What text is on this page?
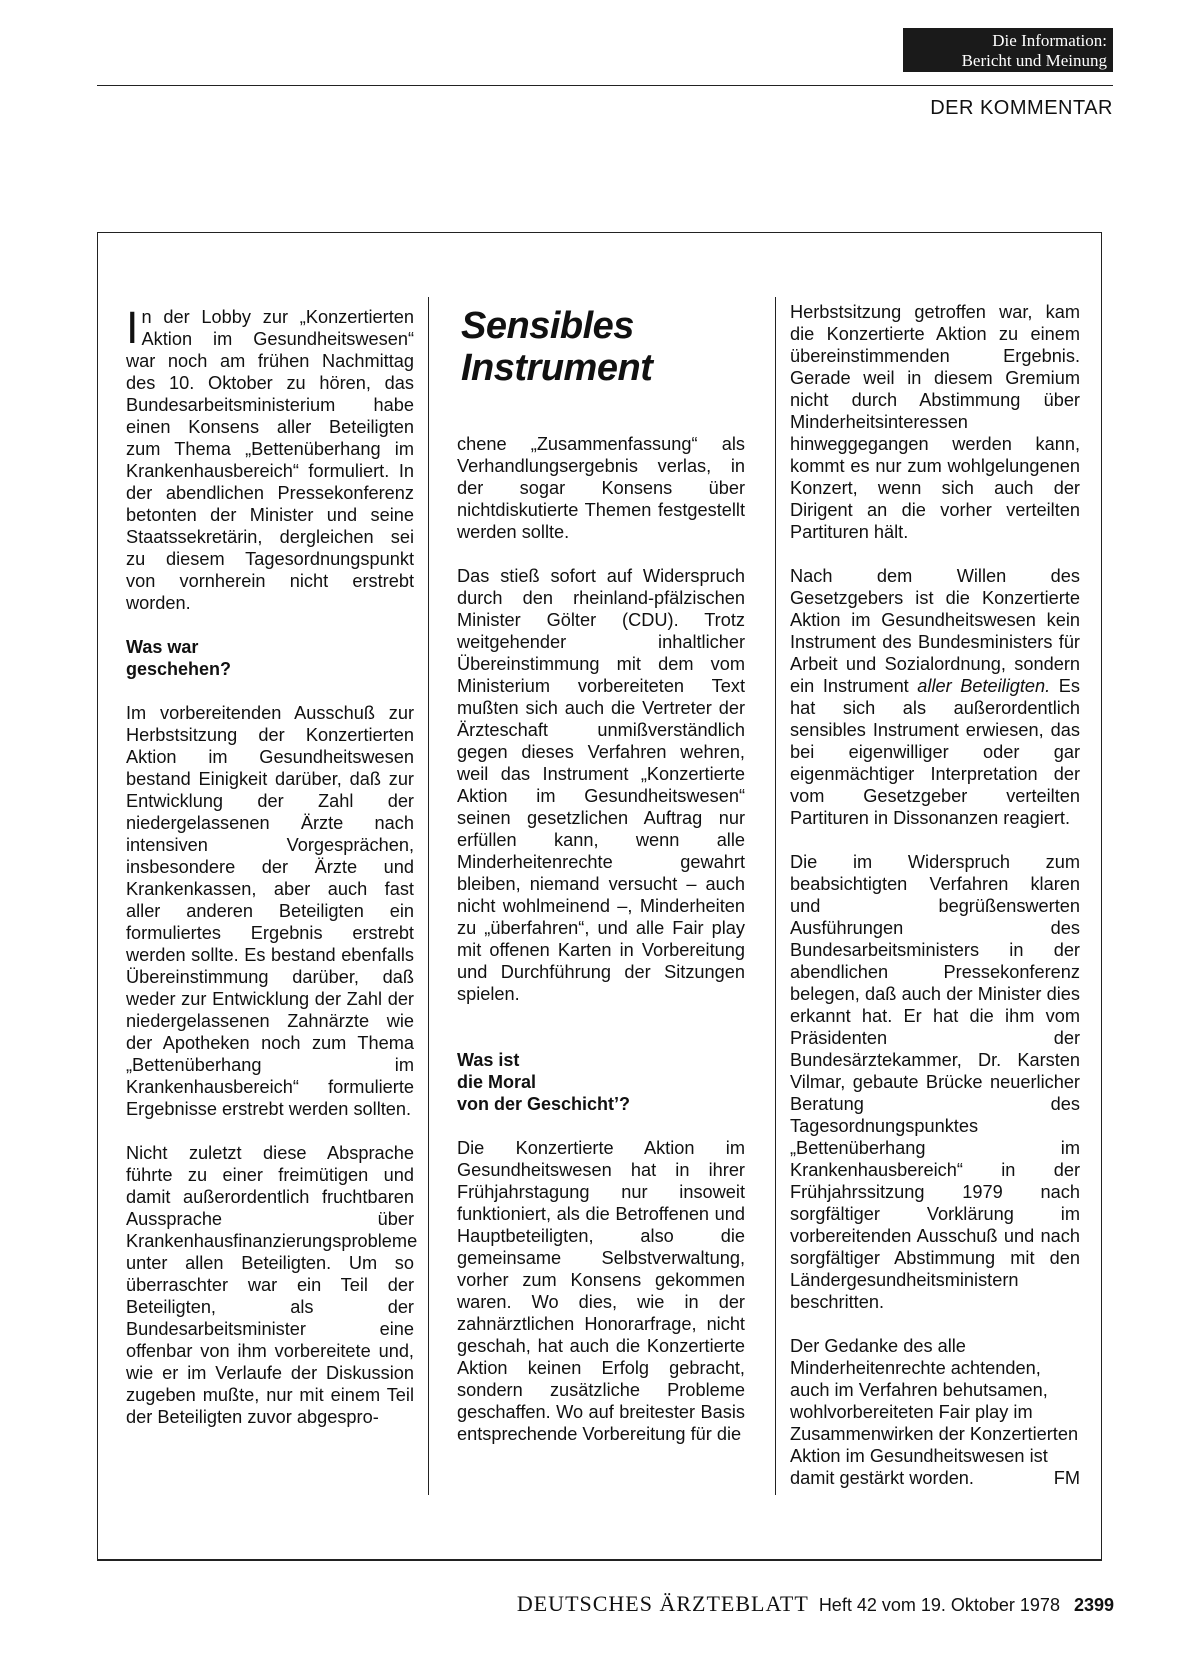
Die Information:
Bericht und Meinung
DER KOMMENTAR

In der Lobby zur „Konzertierten Aktion im Gesundheitswesen“ war noch am frühen Nachmittag des 10. Oktober zu hören, das Bundesarbeitsministerium habe einen Konsens aller Beteiligten zum Thema „Bettenüberhang im Krankenhausbereich“ formuliert. In der abendlichen Pressekonferenz betonten der Minister und seine Staatssekretärin, dergleichen sei zu diesem Tagesordnungspunkt von vornherein nicht erstrebt worden.

Was war
geschehen?

Im vorbereitenden Ausschuß zur Herbstsitzung der Konzertierten Aktion im Gesundheitswesen bestand Einigkeit darüber, daß zur Entwicklung der Zahl der niedergelassenen Ärzte nach intensiven Vorgesprächen, insbesondere der Ärzte und Krankenkassen, aber auch fast aller anderen Beteiligten ein formuliertes Ergebnis erstrebt werden sollte. Es bestand ebenfalls Übereinstimmung darüber, daß weder zur Entwicklung der Zahl der niedergelassenen Zahnärzte wie der Apotheken noch zum Thema „Bettenüberhang im Krankenhausbereich“ formulierte Ergebnisse erstrebt werden sollten.

Nicht zuletzt diese Absprache führte zu einer freimütigen und damit außerordentlich fruchtbaren Aussprache über Krankenhausfinanzierungsprobleme unter allen Beteiligten. Um so überraschter war ein Teil der Beteiligten, als der Bundesarbeitsminister eine offenbar von ihm vorbereitete und, wie er im Verlaufe der Diskussion zugeben mußte, nur mit einem Teil der Beteiligten zuvor abgespro-

Sensibles
Instrument

chene „Zusammenfassung“ als Verhandlungsergebnis verlas, in der sogar Konsens über nichtdiskutierte Themen festgestellt werden sollte.

Das stieß sofort auf Widerspruch durch den rheinland-pfälzischen Minister Gölter (CDU). Trotz weitgehender inhaltlicher Übereinstimmung mit dem vom Ministerium vorbereiteten Text mußten sich auch die Vertreter der Ärzteschaft unmißverständlich gegen dieses Verfahren wehren, weil das Instrument „Konzertierte Aktion im Gesundheitswesen“ seinen gesetzlichen Auftrag nur erfüllen kann, wenn alle Minderheitenrechte gewahrt bleiben, niemand versucht – auch nicht wohlmeinend –, Minderheiten zu „überfahren“, und alle Fair play mit offenen Karten in Vorbereitung und Durchführung der Sitzungen spielen.

Was ist
die Moral
von der Geschicht’?

Die Konzertierte Aktion im Gesundheitswesen hat in ihrer Frühjahrstagung nur insoweit funktioniert, als die Betroffenen und Hauptbeteiligten, also die gemeinsame Selbstverwaltung, vorher zum Konsens gekommen waren. Wo dies, wie in der zahnärztlichen Honorarfrage, nicht geschah, hat auch die Konzertierte Aktion keinen Erfolg gebracht, sondern zusätzliche Probleme geschaffen. Wo auf breitester Basis entsprechende Vorbereitung für die

Herbstsitzung getroffen war, kam die Konzertierte Aktion zu einem übereinstimmenden Ergebnis. Gerade weil in diesem Gremium nicht durch Abstimmung über Minderheitsinteressen hinweggegangen werden kann, kommt es nur zum wohlgelungenen Konzert, wenn sich auch der Dirigent an die vorher verteilten Partituren hält.

Nach dem Willen des Gesetzgebers ist die Konzertierte Aktion im Gesundheitswesen kein Instrument des Bundesministers für Arbeit und Sozialordnung, sondern ein Instrument aller Beteiligten. Es hat sich als außerordentlich sensibles Instrument erwiesen, das bei eigenwilliger oder gar eigenmächtiger Interpretation der vom Gesetzgeber verteilten Partituren in Dissonanzen reagiert.

Die im Widerspruch zum beabsichtigten Verfahren klaren und begrüßenswerten Ausführungen des Bundesarbeitsministers in der abendlichen Pressekonferenz belegen, daß auch der Minister dies erkannt hat. Er hat die ihm vom Präsidenten der Bundesärztekammer, Dr. Karsten Vilmar, gebaute Brücke neuerlicher Beratung des Tagesordnungspunktes „Bettenüberhang im Krankenhausbereich“ in der Frühjahrssitzung 1979 nach sorgfältiger Vorklärung im vorbereitenden Ausschuß und nach sorgfältiger Abstimmung mit den Ländergesundheitsministern beschritten.

Der Gedanke des alle Minderheitenrechte achtenden, auch im Verfahren behutsamen, wohlvorbereiteten Fair play im Zusammenwirken der Konzertierten Aktion im Gesundheitswesen ist damit gestärkt worden.	FM
DEUTSCHES ÄRZTEBLATT Heft 42 vom 19. Oktober 1978 2399
